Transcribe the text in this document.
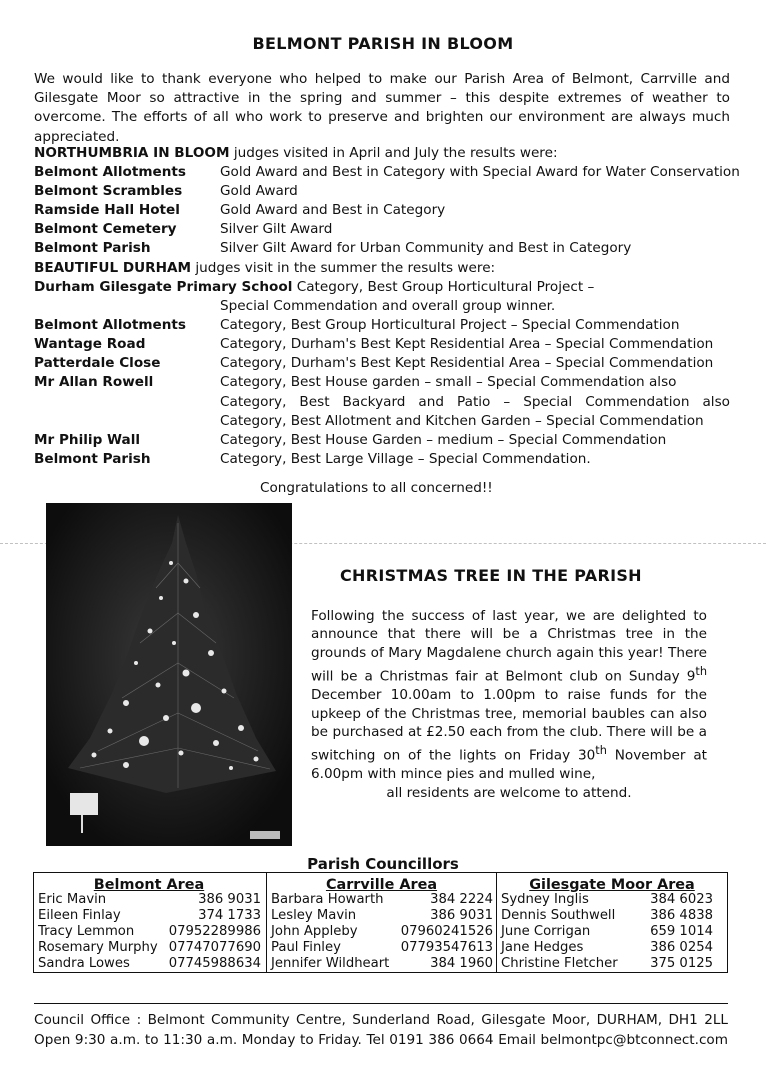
BELMONT PARISH IN BLOOM

We would like to thank everyone who helped to make our Parish Area of Belmont, Carrville and Gilesgate Moor so attractive in the spring and summer – this despite extremes of weather to overcome. The efforts of all who work to preserve and brighten our environment are always much appreciated.

NORTHUMBRIA IN BLOOM judges visited in April and July the results were:
Belmont Allotments	Gold Award and Best in Category with Special Award for Water Conservation
Belmont Scrambles	Gold Award
Ramside Hall Hotel	Gold Award and Best in Category
Belmont Cemetery	Silver Gilt Award
Belmont Parish	Silver Gilt Award for Urban Community and Best in Category
BEAUTIFUL DURHAM judges visit in the summer the results were:
Durham Gilesgate Primary School Category, Best Group Horticultural Project –
Special Commendation and overall group winner.
Belmont Allotments	Category, Best Group Horticultural Project – Special Commendation
Wantage Road	Category, Durham's Best Kept Residential Area – Special Commendation
Patterdale Close	Category, Durham's Best Kept Residential Area – Special Commendation
Mr Allan Rowell	Category, Best House garden – small – Special Commendation also
Category, Best Backyard and Patio – Special Commendation also
Category, Best Allotment and Kitchen Garden – Special Commendation
Mr Philip Wall	Category, Best House Garden – medium – Special Commendation
Belmont Parish	Category, Best Large Village – Special Commendation.
Congratulations to all concerned!!
CHRISTMAS TREE IN THE PARISH

Following the success of last year, we are delighted to announce that there will be a Christmas tree in the grounds of Mary Magdalene church again this year! There will be a Christmas fair at Belmont club on Sunday 9th December 10.00am to 1.00pm to raise funds for the upkeep of the Christmas tree, memorial baubles can also be purchased at £2.50 each from the club. There will be a switching on of the lights on Friday 30th November at 6.00pm with mince pies and mulled wine,
all residents are welcome to attend.

Parish Councillors
Belmont Area
Eric Mavin	386 9031
Eileen Finlay	374 1733
Tracy Lemmon	07952289986
Rosemary Murphy 07747077690
Sandra Lowes	07745988634
Carrville Area
Barbara Howarth	384 2224
Lesley Mavin	386 9031
John Appleby	07960241526
Paul Finley	07793547613
Jennifer Wildheart	384 1960
Gilesgate Moor Area
Sydney Inglis	384 6023
Dennis Southwell	386 4838
June Corrigan	659 1014
Jane Hedges	386 0254
Christine Fletcher 375 0125
Council Office : Belmont Community Centre, Sunderland Road, Gilesgate Moor, DURHAM, DH1 2LL
Open 9:30 a.m. to 11:30 a.m. Monday to Friday. Tel 0191 386 0664 Email belmontpc@btconnect.com
